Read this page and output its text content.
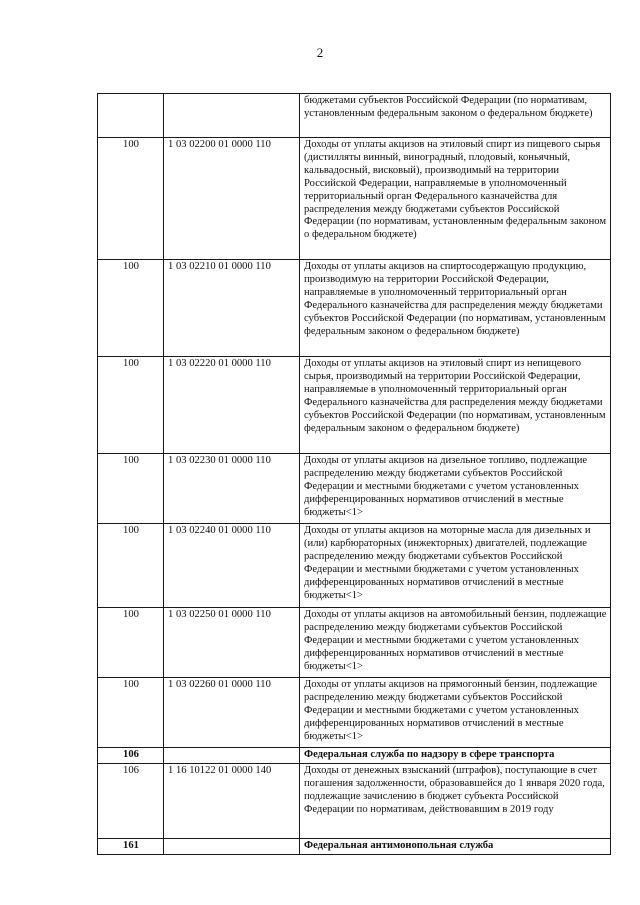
2
		бюджетами субъектов Российской Федерации (по нормативам, установленным федеральным законом о федеральном бюджете)
100	1 03 02200 01 0000 110	Доходы от уплаты акцизов на этиловый спирт из пищевого сырья (дистилляты винный, виноградный, плодовый, коньячный, кальвадосный, висковый), производимый на территории Российской Федерации, направляемые в уполномоченный территориальный орган Федерального казначейства для распределения между бюджетами субъектов Российской Федерации (по нормативам, установленным федеральным законом о федеральном бюджете)
100	1 03 02210 01 0000 110	Доходы от уплаты акцизов на спиртосодержащую продукцию, производимую на территории Российской Федерации, направляемые в уполномоченный территориальный орган Федерального казначейства для распределения между бюджетами субъектов Российской Федерации (по нормативам, установленным федеральным законом о федеральном бюджете)
100	1 03 02220 01 0000 110	Доходы от уплаты акцизов на этиловый спирт из непищевого сырья, производимый на территории Российской Федерации, направляемые в уполномоченный территориальный орган Федерального казначейства для распределения между бюджетами субъектов Российской Федерации (по нормативам, установленным федеральным законом о федеральном бюджете)
100	1 03 02230 01 0000 110	Доходы от уплаты акцизов на дизельное топливо, подлежащие распределению между бюджетами субъектов Российской Федерации и местными бюджетами с учетом установленных дифференцированных нормативов отчислений в местные бюджеты<1>
100	1 03 02240 01 0000 110	Доходы от уплаты акцизов на моторные масла для дизельных и (или) карбюраторных (инжекторных) двигателей, подлежащие распределению между бюджетами субъектов Российской Федерации и местными бюджетами с учетом установленных дифференцированных нормативов отчислений в местные бюджеты<1>
100	1 03 02250 01 0000 110	Доходы от уплаты акцизов на автомобильный бензин, подлежащие распределению между бюджетами субъектов Российской Федерации и местными бюджетами с учетом установленных дифференцированных нормативов отчислений в местные бюджеты<1>
100	1 03 02260 01 0000 110	Доходы от уплаты акцизов на прямогонный бензин, подлежащие распределению между бюджетами субъектов Российской Федерации и местными бюджетами с учетом установленных дифференцированных нормативов отчислений в местные бюджеты<1>
106		Федеральная служба по надзору в сфере транспорта
106	1 16 10122 01 0000 140	Доходы от денежных взысканий (штрафов), поступающие в счет погашения задолженности, образовавшейся до 1 января 2020 года, подлежащие зачислению в бюджет субъекта Российской Федерации по нормативам, действовавшим в 2019 году
161		Федеральная антимонопольная служба
